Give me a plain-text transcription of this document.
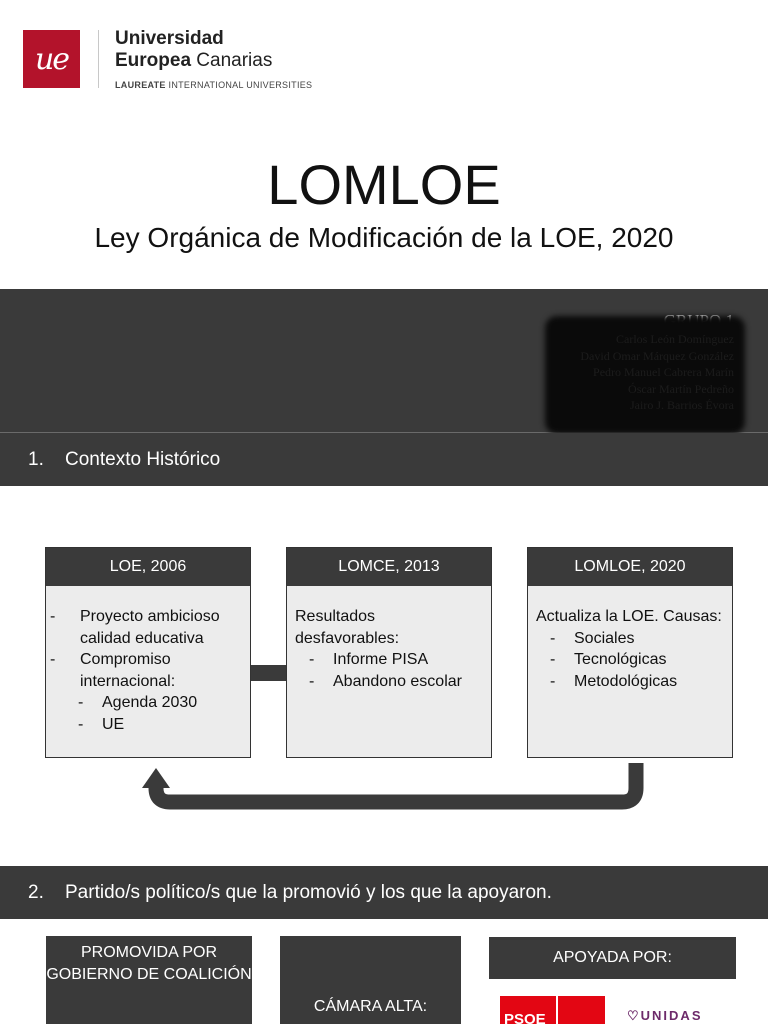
ue
Universidad
Europea Canarias
LAUREATE INTERNATIONAL UNIVERSITIES
LOMLOE
Ley Orgánica de Modificación de la LOE, 2020
Carlos León Domínguez
David Omar Márquez González
Pedro Manuel Cabrera Marín
Óscar Martín Pedreño
Jairo J. Barrios Évora
1.	Contexto Histórico
LOE, 2006
- Proyecto ambicioso calidad educativa
- Compromiso internacional:
- Agenda 2030
- UE
LOMCE, 2013
Resultados desfavorables:
- Informe PISA
- Abandono escolar
LOMLOE, 2020
Actualiza la LOE. Causas:
- Sociales
- Tecnológicas
- Metodológicas
2.	Partido/s político/s que la promovió y los que la apoyaron.
PROMOVIDA POR GOBIERNO DE COALICIÓN
CÁMARA ALTA:
APOYADA POR:
PSOE	♡UNIDAS
